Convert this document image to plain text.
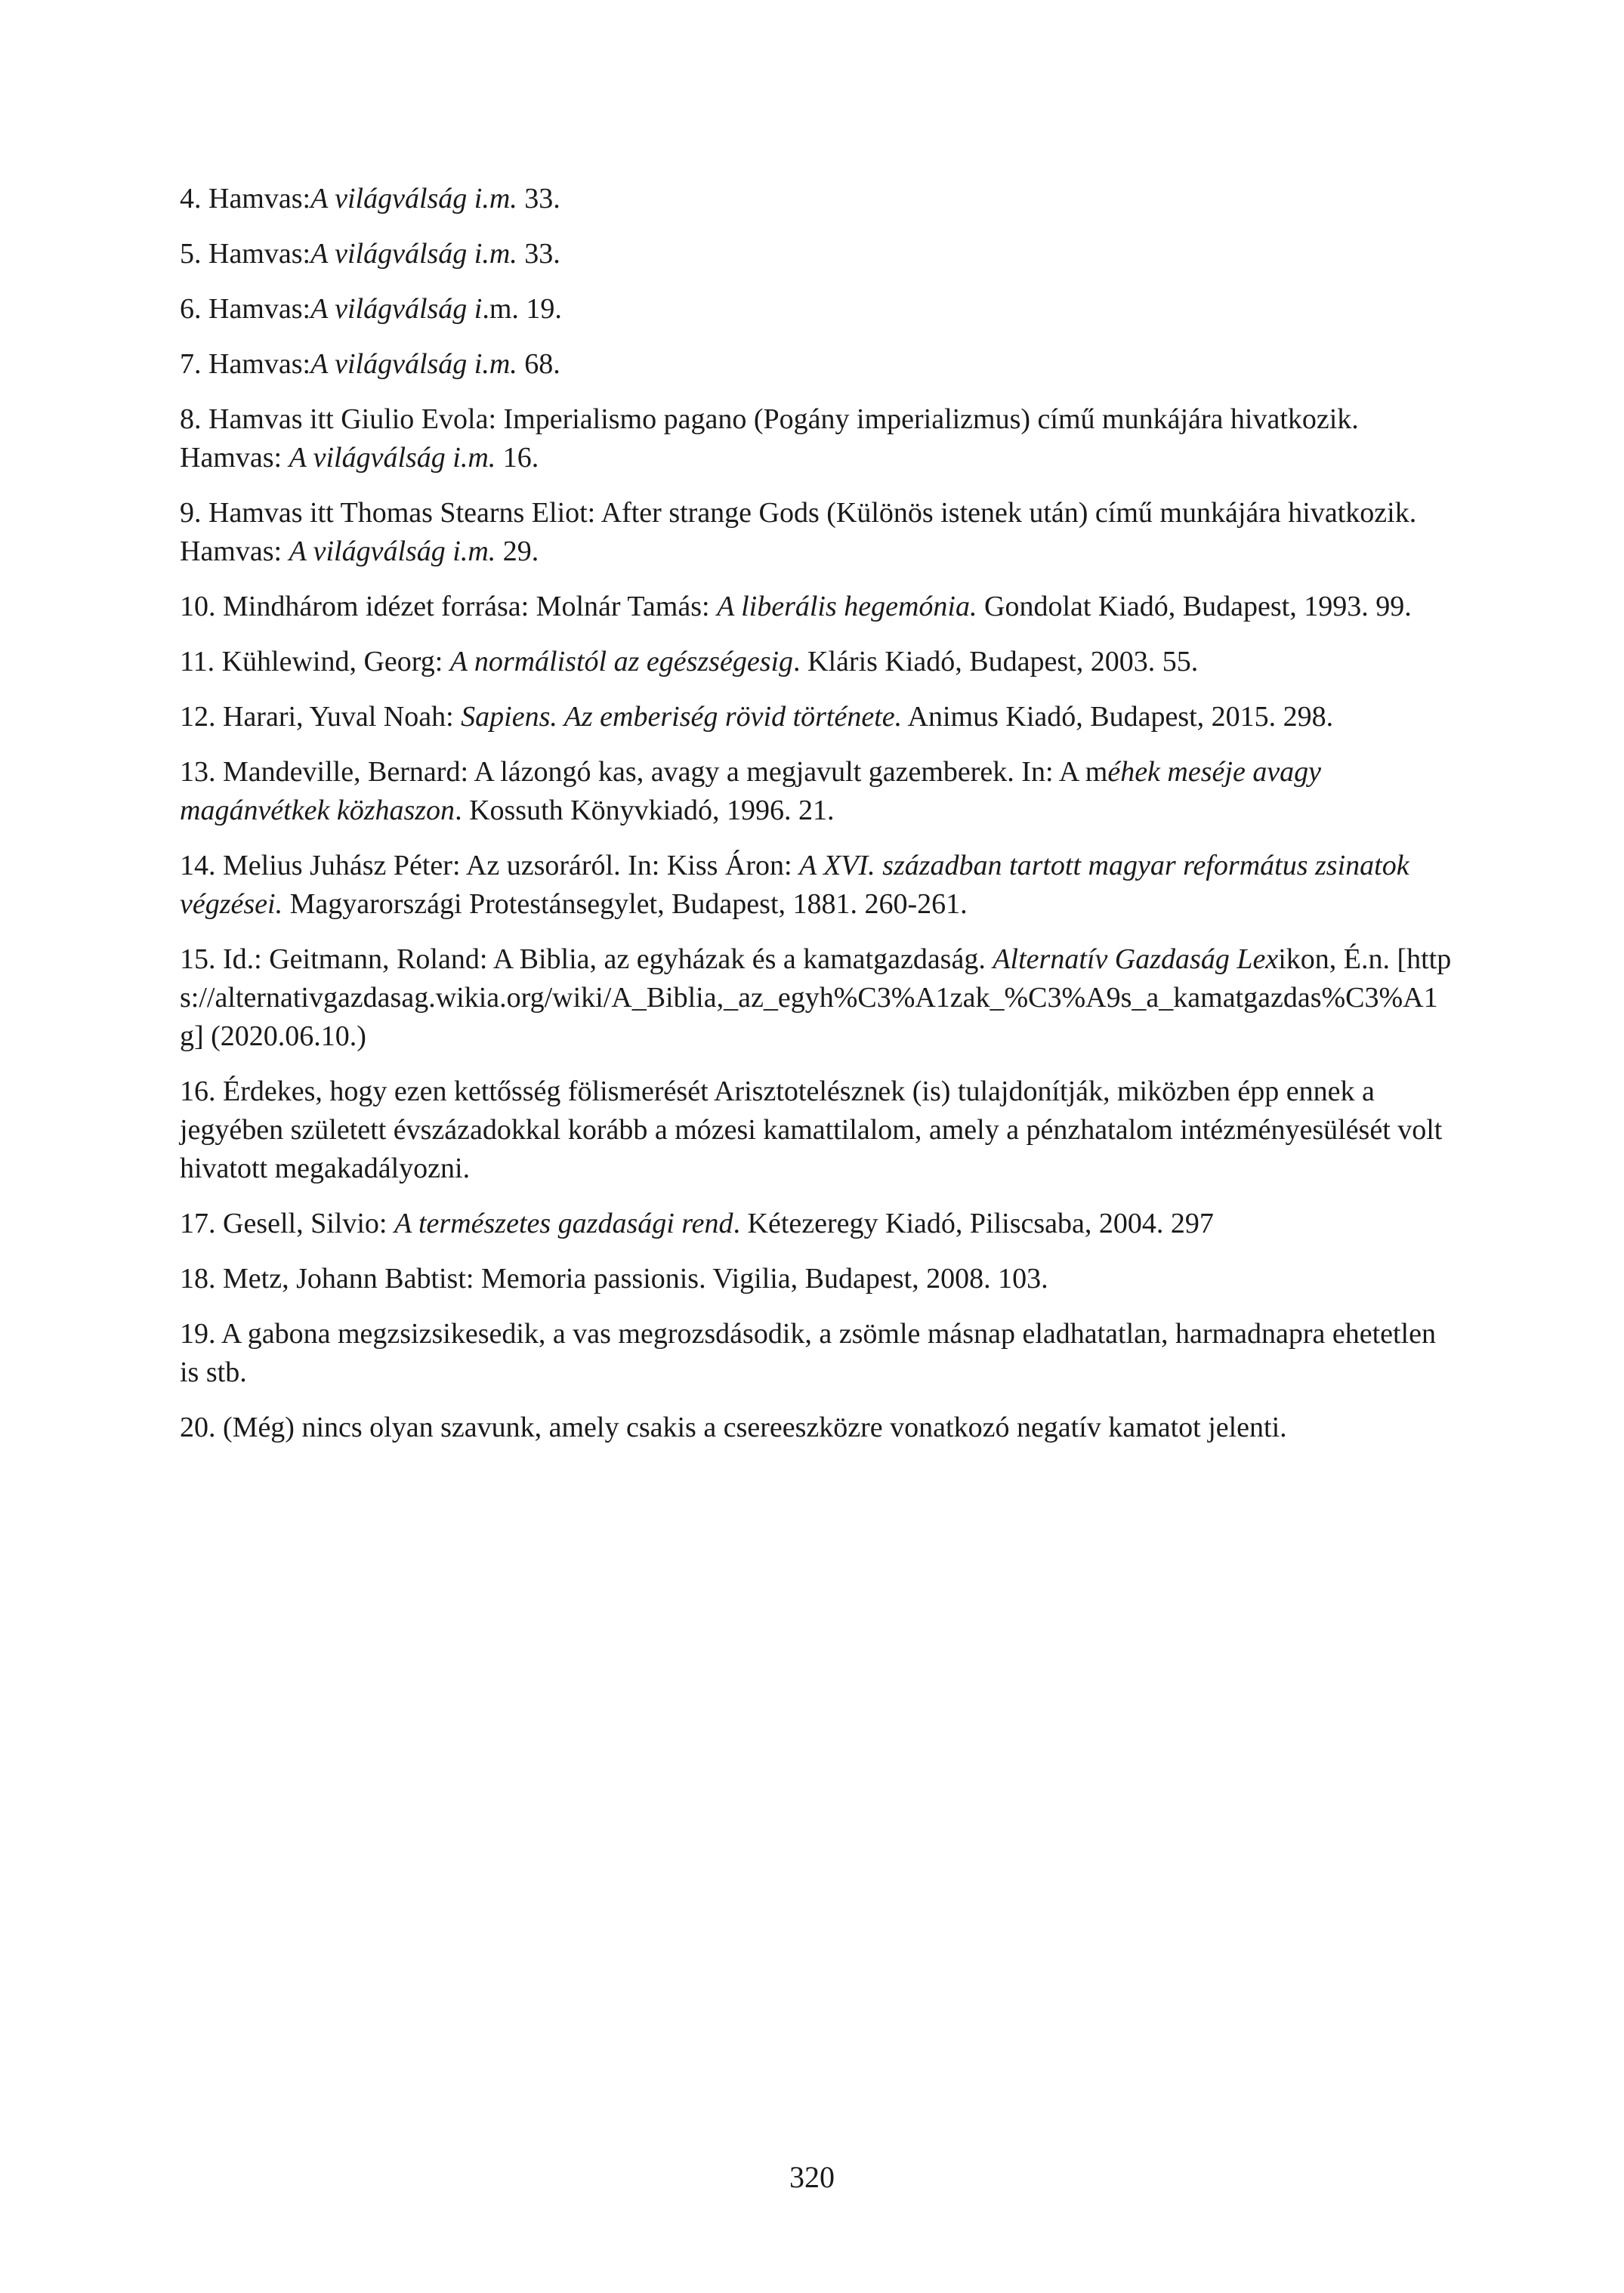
4. Hamvas:A világválság i.m. 33.
5. Hamvas:A világválság i.m. 33.
6. Hamvas:A világválság i.m. 19.
7. Hamvas:A világválság i.m. 68.
8. Hamvas itt Giulio Evola: Imperialismo pagano (Pogány imperializmus) című munkájára hivatkozik. Hamvas: A világválság i.m. 16.
9. Hamvas itt Thomas Stearns Eliot: After strange Gods (Különös istenek után) című munkájára hivatkozik. Hamvas: A világválság i.m. 29.
10. Mindhárom idézet forrása: Molnár Tamás: A liberális hegemónia. Gondolat Kiadó, Budapest, 1993. 99.
11. Kühlewind, Georg: A normálistól az egészségesig. Kláris Kiadó, Budapest, 2003. 55.
12. Harari, Yuval Noah: Sapiens. Az emberiség rövid története. Animus Kiadó, Budapest, 2015. 298.
13. Mandeville, Bernard: A lázongó kas, avagy a megjavult gazemberek. In: A méhek meséje avagy magánvétkek közhaszon. Kossuth Könyvkiadó, 1996. 21.
14. Melius Juhász Péter: Az uzsoráról. In: Kiss Áron: A XVI. században tartott magyar református zsinatok végzései. Magyarországi Protestánsegylet, Budapest, 1881. 260-261.
15. Id.: Geitmann, Roland: A Biblia, az egyházak és a kamatgazdaság. Alternatív Gazdaság Lexikon, É.n. [https://alternativgazdasag.wikia.org/wiki/A_Biblia,_az_egyh%C3%A1zak_%C3%A9s_a_kamatgazdas%C3%A1g] (2020.06.10.)
16. Érdekes, hogy ezen kettősség fölismerését Arisztotelésznek (is) tulajdonítják, miközben épp ennek a jegyében született évszázadokkal korább a mózesi kamattilalom, amely a pénzhatalom intézményesülését volt hivatott megakadályozni.
17. Gesell, Silvio: A természetes gazdasági rend. Kétezeregy Kiadó, Piliscsaba, 2004. 297
18. Metz, Johann Babtist: Memoria passionis. Vigilia, Budapest, 2008. 103.
19. A gabona megzsizsikesedik, a vas megrozsdásodik, a zsömle másnap eladhatatlan, harmadnapra ehetetlen is stb.
20. (Még) nincs olyan szavunk, amely csakis a csereeszközre vonatkozó negatív kamatot jelenti.
320
